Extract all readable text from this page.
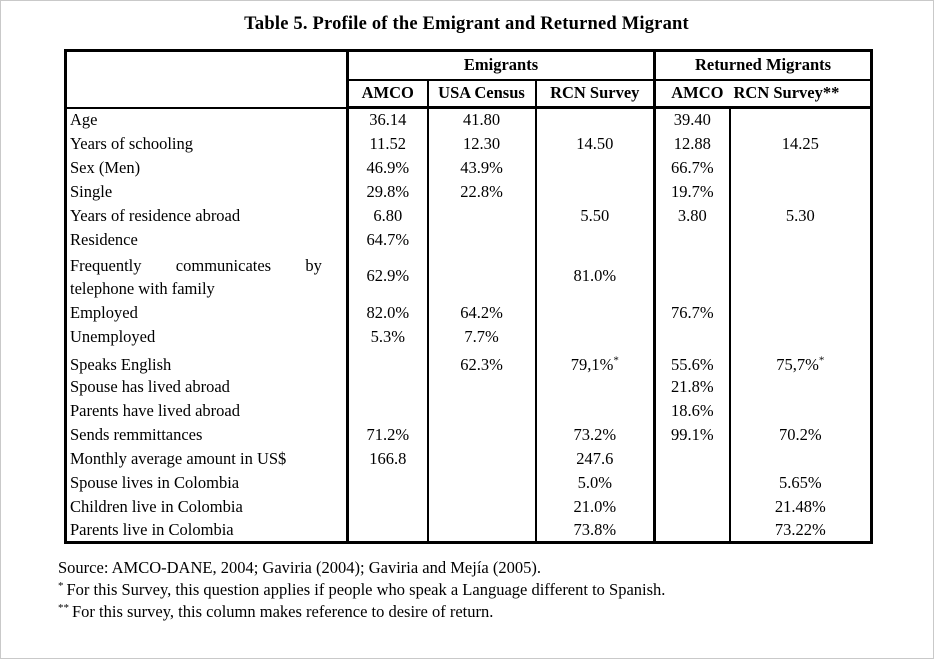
Table 5. Profile of the Emigrant and Returned Migrant
	Emigrants			Returned Migrants	
	AMCO	USA Census	RCN Survey	AMCO	RCN Survey**
Age	36.14	41.80		39.40	
Years of schooling	11.52	12.30	14.50	12.88	14.25
Sex (Men)	46.9%	43.9%		66.7%	
Single	29.8%	22.8%		19.7%	
Years of residence abroad	6.80		5.50	3.80	5.30
Residence	64.7%				

Frequently communicates by
telephone with family	62.9%		81.0%		
Employed	82.0%	64.2%		76.7%	
Unemployed	5.3%	7.7%			
Speaks English		62.3%	79,1%*	55.6%	75,7%*
Spouse has lived abroad				21.8%	
Parents have lived abroad				18.6%	
Sends remmittances	71.2%		73.2%	99.1%	70.2%
Monthly average amount in US$	166.8		247.6		
Spouse lives in Colombia			5.0%		5.65%
Children live in Colombia			21.0%		21.48%
Parents live in Colombia			73.8%		73.22%

Source: AMCO-DANE, 2004; Gaviria (2004); Gaviria and Mejía (2005).

* For this Survey, this question applies if people who speak a Language different to Spanish.

** For this survey, this column makes reference to desire of return.
